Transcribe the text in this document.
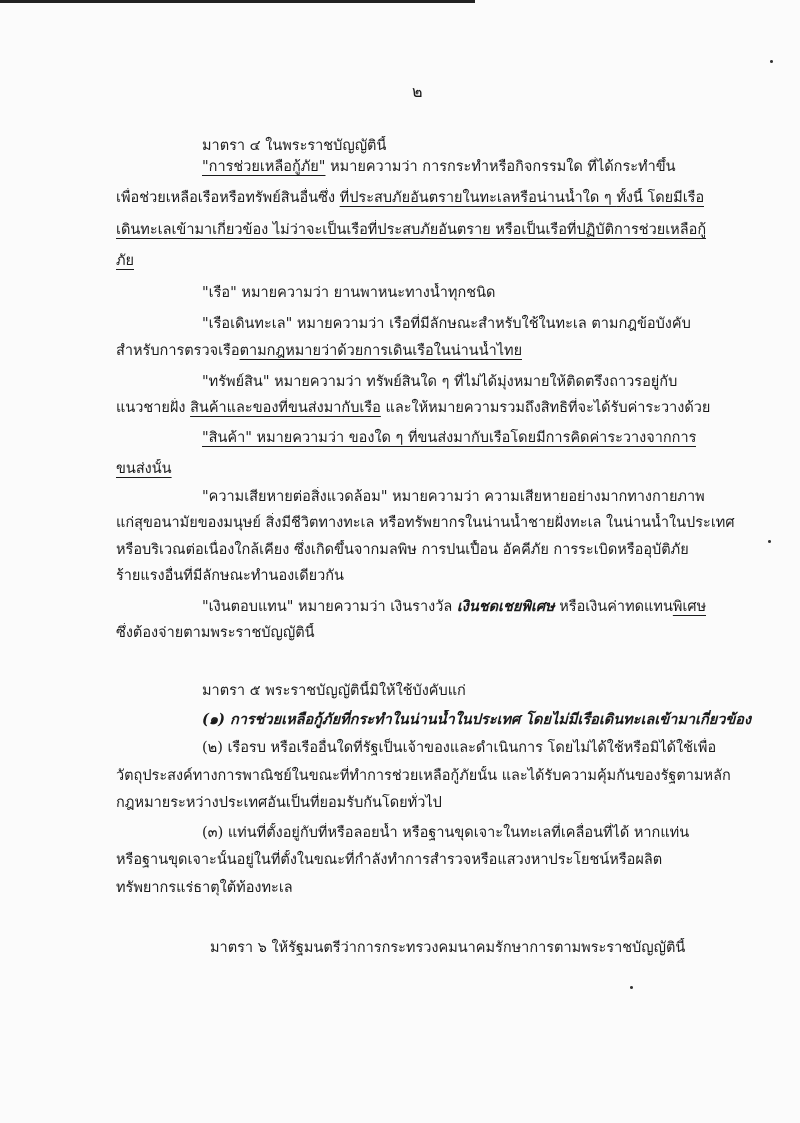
๒

มาตรา ๔ ในพระราชบัญญัตินี้

"การช่วยเหลือกู้ภัย" หมายความว่า การกระทำหรือกิจกรรมใด ที่ได้กระทำขึ้น

เพื่อช่วยเหลือเรือหรือทรัพย์สินอื่นซึ่ง ที่ประสบภัยอันตรายในทะเลหรือน่านน้ำใด ๆ ทั้งนี้ โดยมีเรือ

เดินทะเลเข้ามาเกี่ยวข้อง ไม่ว่าจะเป็นเรือที่ประสบภัยอันตราย หรือเป็นเรือที่ปฏิบัติการช่วยเหลือกู้

ภัย

"เรือ" หมายความว่า ยานพาหนะทางน้ำทุกชนิด

"เรือเดินทะเล" หมายความว่า เรือที่มีลักษณะสำหรับใช้ในทะเล ตามกฎข้อบังคับ

สำหรับการตรวจเรือตามกฎหมายว่าด้วยการเดินเรือในน่านน้ำไทย

"ทรัพย์สิน" หมายความว่า ทรัพย์สินใด ๆ ที่ไม่ได้มุ่งหมายให้ติดตรึงถาวรอยู่กับ

แนวชายฝั่ง สินค้าและของที่ขนส่งมากับเรือ และให้หมายความรวมถึงสิทธิที่จะได้รับค่าระวางด้วย

"สินค้า" หมายความว่า ของใด ๆ ที่ขนส่งมากับเรือโดยมีการคิดค่าระวางจากการ

ขนส่งนั้น

"ความเสียหายต่อสิ่งแวดล้อม" หมายความว่า ความเสียหายอย่างมากทางกายภาพ

แก่สุขอนามัยของมนุษย์ สิ่งมีชีวิตทางทะเล หรือทรัพยากรในน่านน้ำชายฝั่งทะเล ในน่านน้ำในประเทศ

หรือบริเวณต่อเนื่องใกล้เคียง ซึ่งเกิดขึ้นจากมลพิษ การปนเปื้อน อัคคีภัย การระเบิดหรืออุบัติภัย

ร้ายแรงอื่นที่มีลักษณะทำนองเดียวกัน

"เงินตอบแทน" หมายความว่า เงินรางวัล เงินชดเชยพิเศษ หรือเงินค่าทดแทนพิเศษ

ซึ่งต้องจ่ายตามพระราชบัญญัตินี้

มาตรา ๕ พระราชบัญญัตินี้มิให้ใช้บังคับแก่

(๑) การช่วยเหลือกู้ภัยที่กระทำในน่านน้ำในประเทศ โดยไม่มีเรือเดินทะเลเข้ามาเกี่ยวข้อง

(๒) เรือรบ หรือเรืออื่นใดที่รัฐเป็นเจ้าของและดำเนินการ โดยไม่ได้ใช้หรือมิได้ใช้เพื่อ

วัตถุประสงค์ทางการพาณิชย์ในขณะที่ทำการช่วยเหลือกู้ภัยนั้น และได้รับความคุ้มกันของรัฐตามหลัก

กฎหมายระหว่างประเทศอันเป็นที่ยอมรับกันโดยทั่วไป

(๓) แท่นที่ตั้งอยู่กับที่หรือลอยน้ำ หรือฐานขุดเจาะในทะเลที่เคลื่อนที่ได้ หากแท่น

หรือฐานขุดเจาะนั้นอยู่ในที่ตั้งในขณะที่กำลังทำการสำรวจหรือแสวงหาประโยชน์หรือผลิต

ทรัพยากรแร่ธาตุใต้ท้องทะเล

มาตรา ๖ ให้รัฐมนตรีว่าการกระทรวงคมนาคมรักษาการตามพระราชบัญญัตินี้
